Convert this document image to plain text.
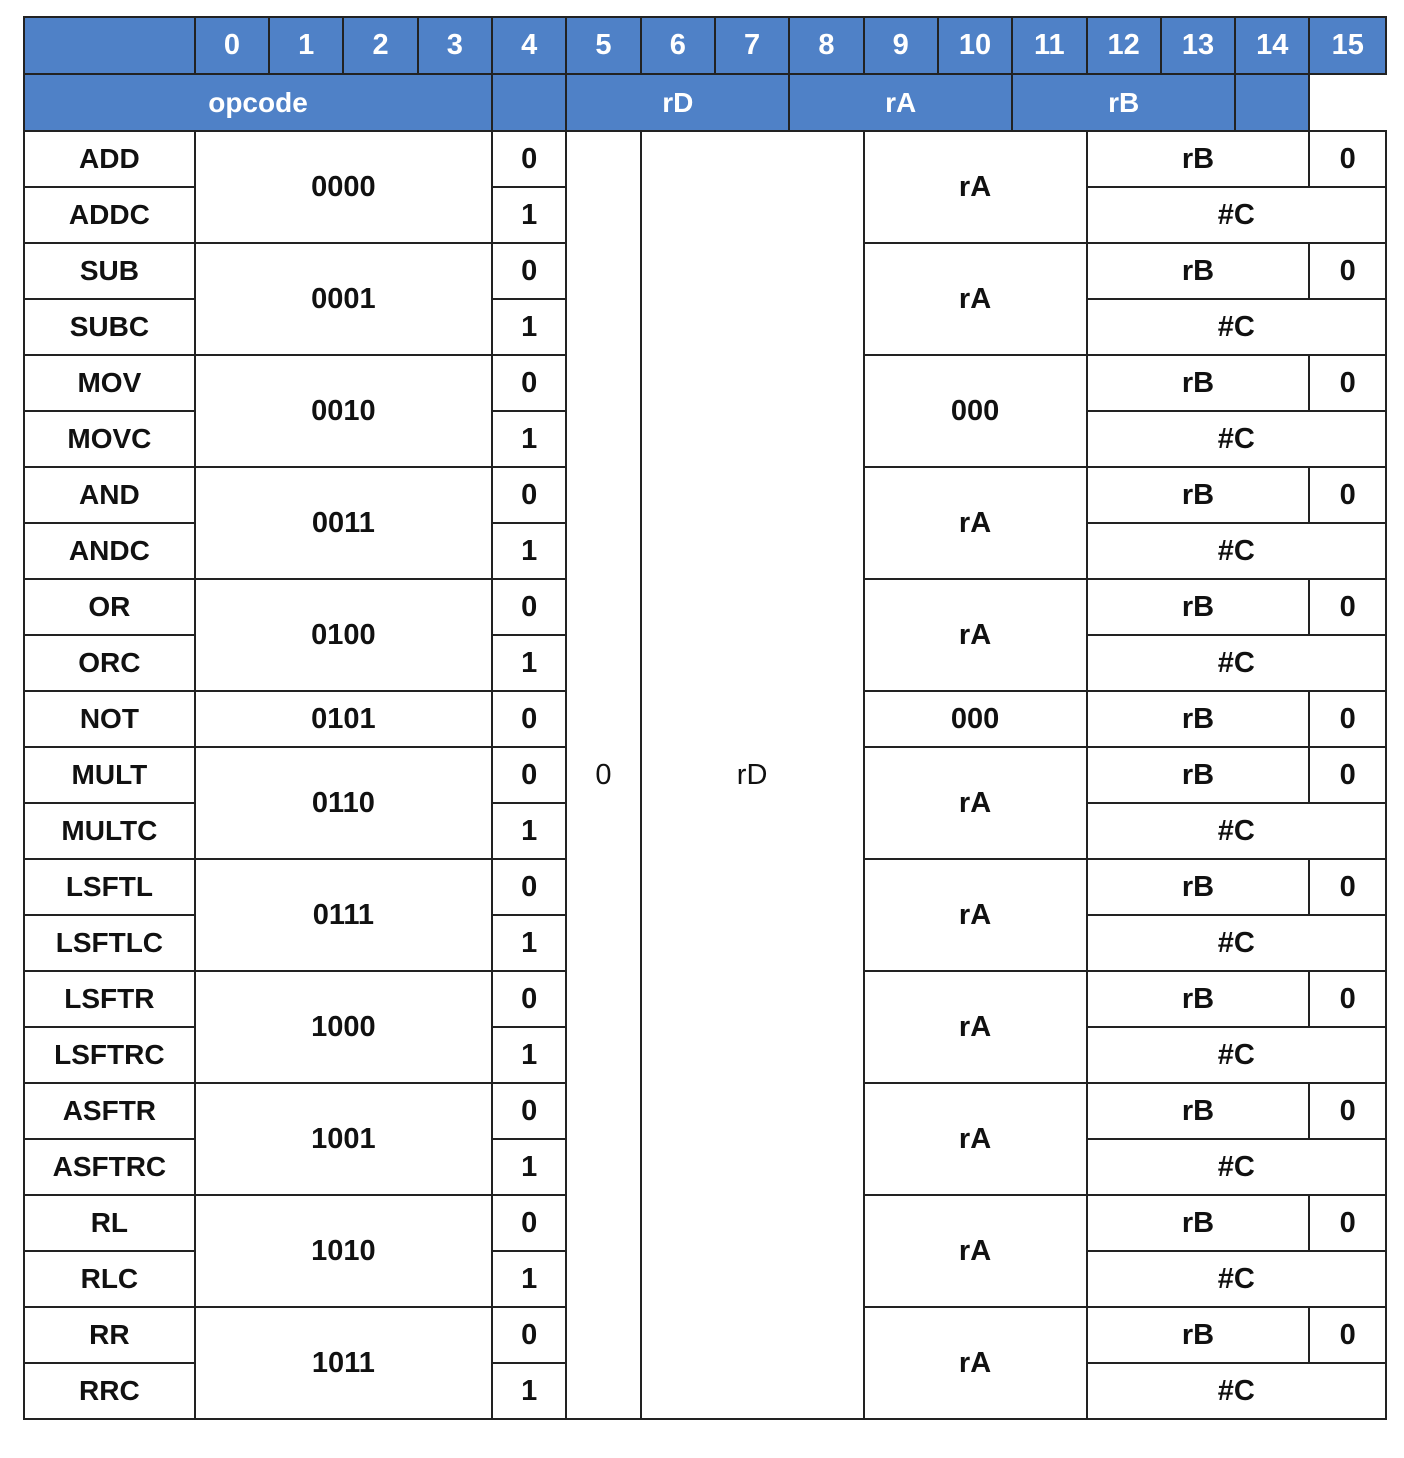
	0	1	2	3	4	5	6	7	8	9	10	11	12	13	14	15
opcode						rD			rA			rB				
ADD	0000				0	0	rD			rA			rB			0
ADDC					1								#C			
SUB	0001				0					rA			rB			0
SUBC					1								#C			
MOV	0010				0					000			rB			0
MOVC					1								#C			
AND	0011				0					rA			rB			0
ANDC					1								#C			
OR	0100				0					rA			rB			0
ORC					1								#C			
NOT	0101				0					000			rB			0
MULT	0110				0					rA			rB			0
MULTC					1								#C			
LSFTL	0111				0					rA			rB			0
LSFTLC					1								#C			
LSFTR	1000				0					rA			rB			0
LSFTRC					1								#C			
ASFTR	1001				0					rA			rB			0
ASFTRC					1								#C			
RL	1010				0					rA			rB			0
RLC					1								#C			
RR	1011				0					rA			rB			0
RRC					1								#C			
